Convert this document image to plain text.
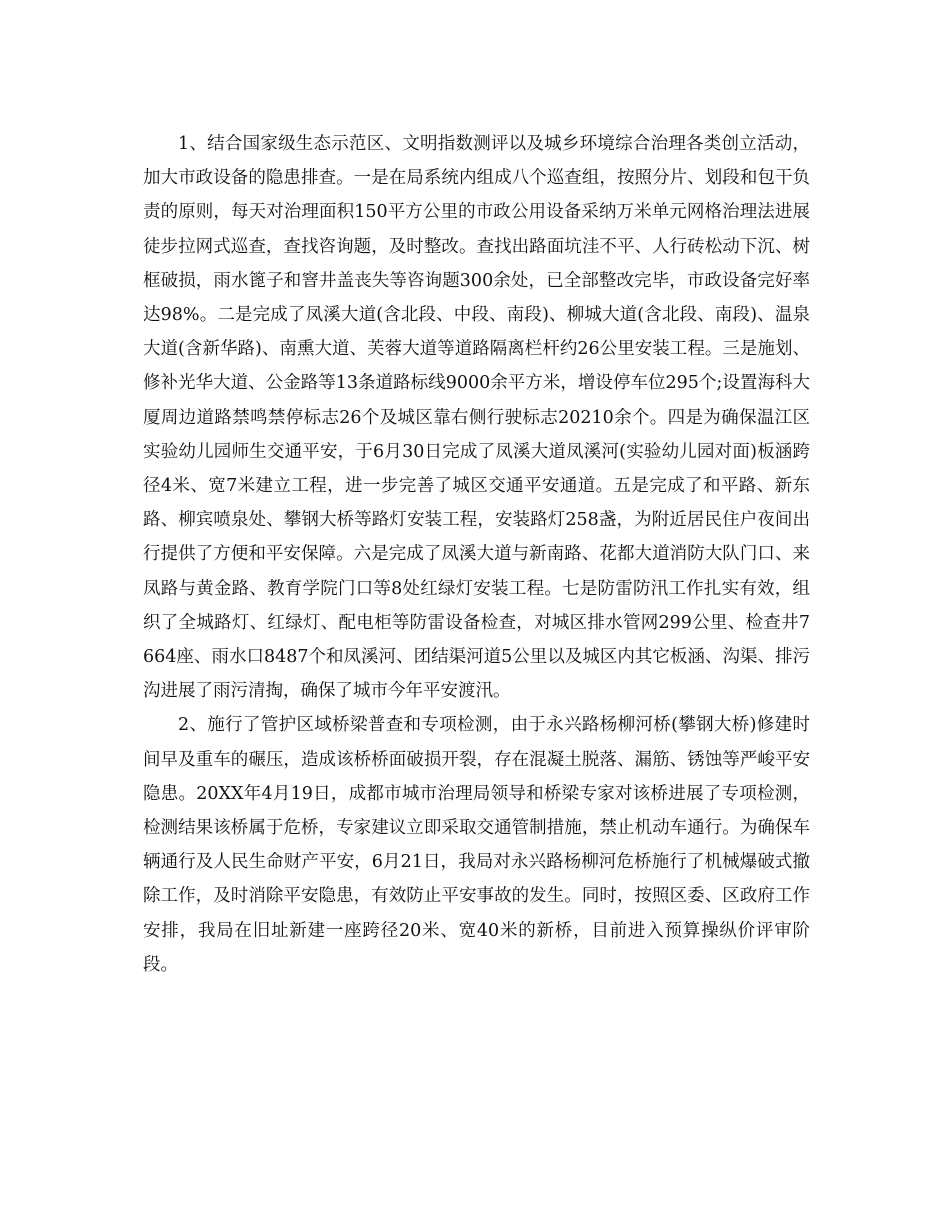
1、结合国家级生态示范区、文明指数测评以及城乡环境综合治理各类创立活动，加大市政设备的隐患排查。一是在局系统内组成八个巡查组，按照分片、划段和包干负责的原则，每天对治理面积150平方公里的市政公用设备采纳万米单元网格治理法进展徒步拉网式巡查，查找咨询题，及时整改。查找出路面坑洼不平、人行砖松动下沉、树框破损，雨水篦子和窨井盖丧失等咨询题300余处，已全部整改完毕，市政设备完好率达98%。二是完成了凤溪大道(含北段、中段、南段)、柳城大道(含北段、南段)、温泉大道(含新华路)、南熏大道、芙蓉大道等道路隔离栏杆约26公里安装工程。三是施划、修补光华大道、公金路等13条道路标线9000余平方米，增设停车位295个;设置海科大厦周边道路禁鸣禁停标志26个及城区靠右侧行驶标志20210余个。四是为确保温江区实验幼儿园师生交通平安，于6月30日完成了凤溪大道凤溪河(实验幼儿园对面)板涵跨径4米、宽7米建立工程，进一步完善了城区交通平安通道。五是完成了和平路、新东路、柳宾喷泉处、攀钢大桥等路灯安装工程，安装路灯258盏，为附近居民住户夜间出行提供了方便和平安保障。六是完成了凤溪大道与新南路、花都大道消防大队门口、来凤路与黄金路、教育学院门口等8处红绿灯安装工程。七是防雷防汛工作扎实有效，组织了全城路灯、红绿灯、配电柜等防雷设备检查，对城区排水管网299公里、检查井7664座、雨水口8487个和凤溪河、团结渠河道5公里以及城区内其它板涵、沟渠、排污沟进展了雨污清掏，确保了城市今年平安渡汛。

2、施行了管护区域桥梁普查和专项检测，由于永兴路杨柳河桥(攀钢大桥)修建时间早及重车的碾压，造成该桥桥面破损开裂，存在混凝土脱落、漏筋、锈蚀等严峻平安隐患。20XX年4月19日，成都市城市治理局领导和桥梁专家对该桥进展了专项检测，检测结果该桥属于危桥，专家建议立即采取交通管制措施，禁止机动车通行。为确保车辆通行及人民生命财产平安，6月21日，我局对永兴路杨柳河危桥施行了机械爆破式撤除工作，及时消除平安隐患，有效防止平安事故的发生。同时，按照区委、区政府工作安排，我局在旧址新建一座跨径20米、宽40米的新桥，目前进入预算操纵价评审阶段。
